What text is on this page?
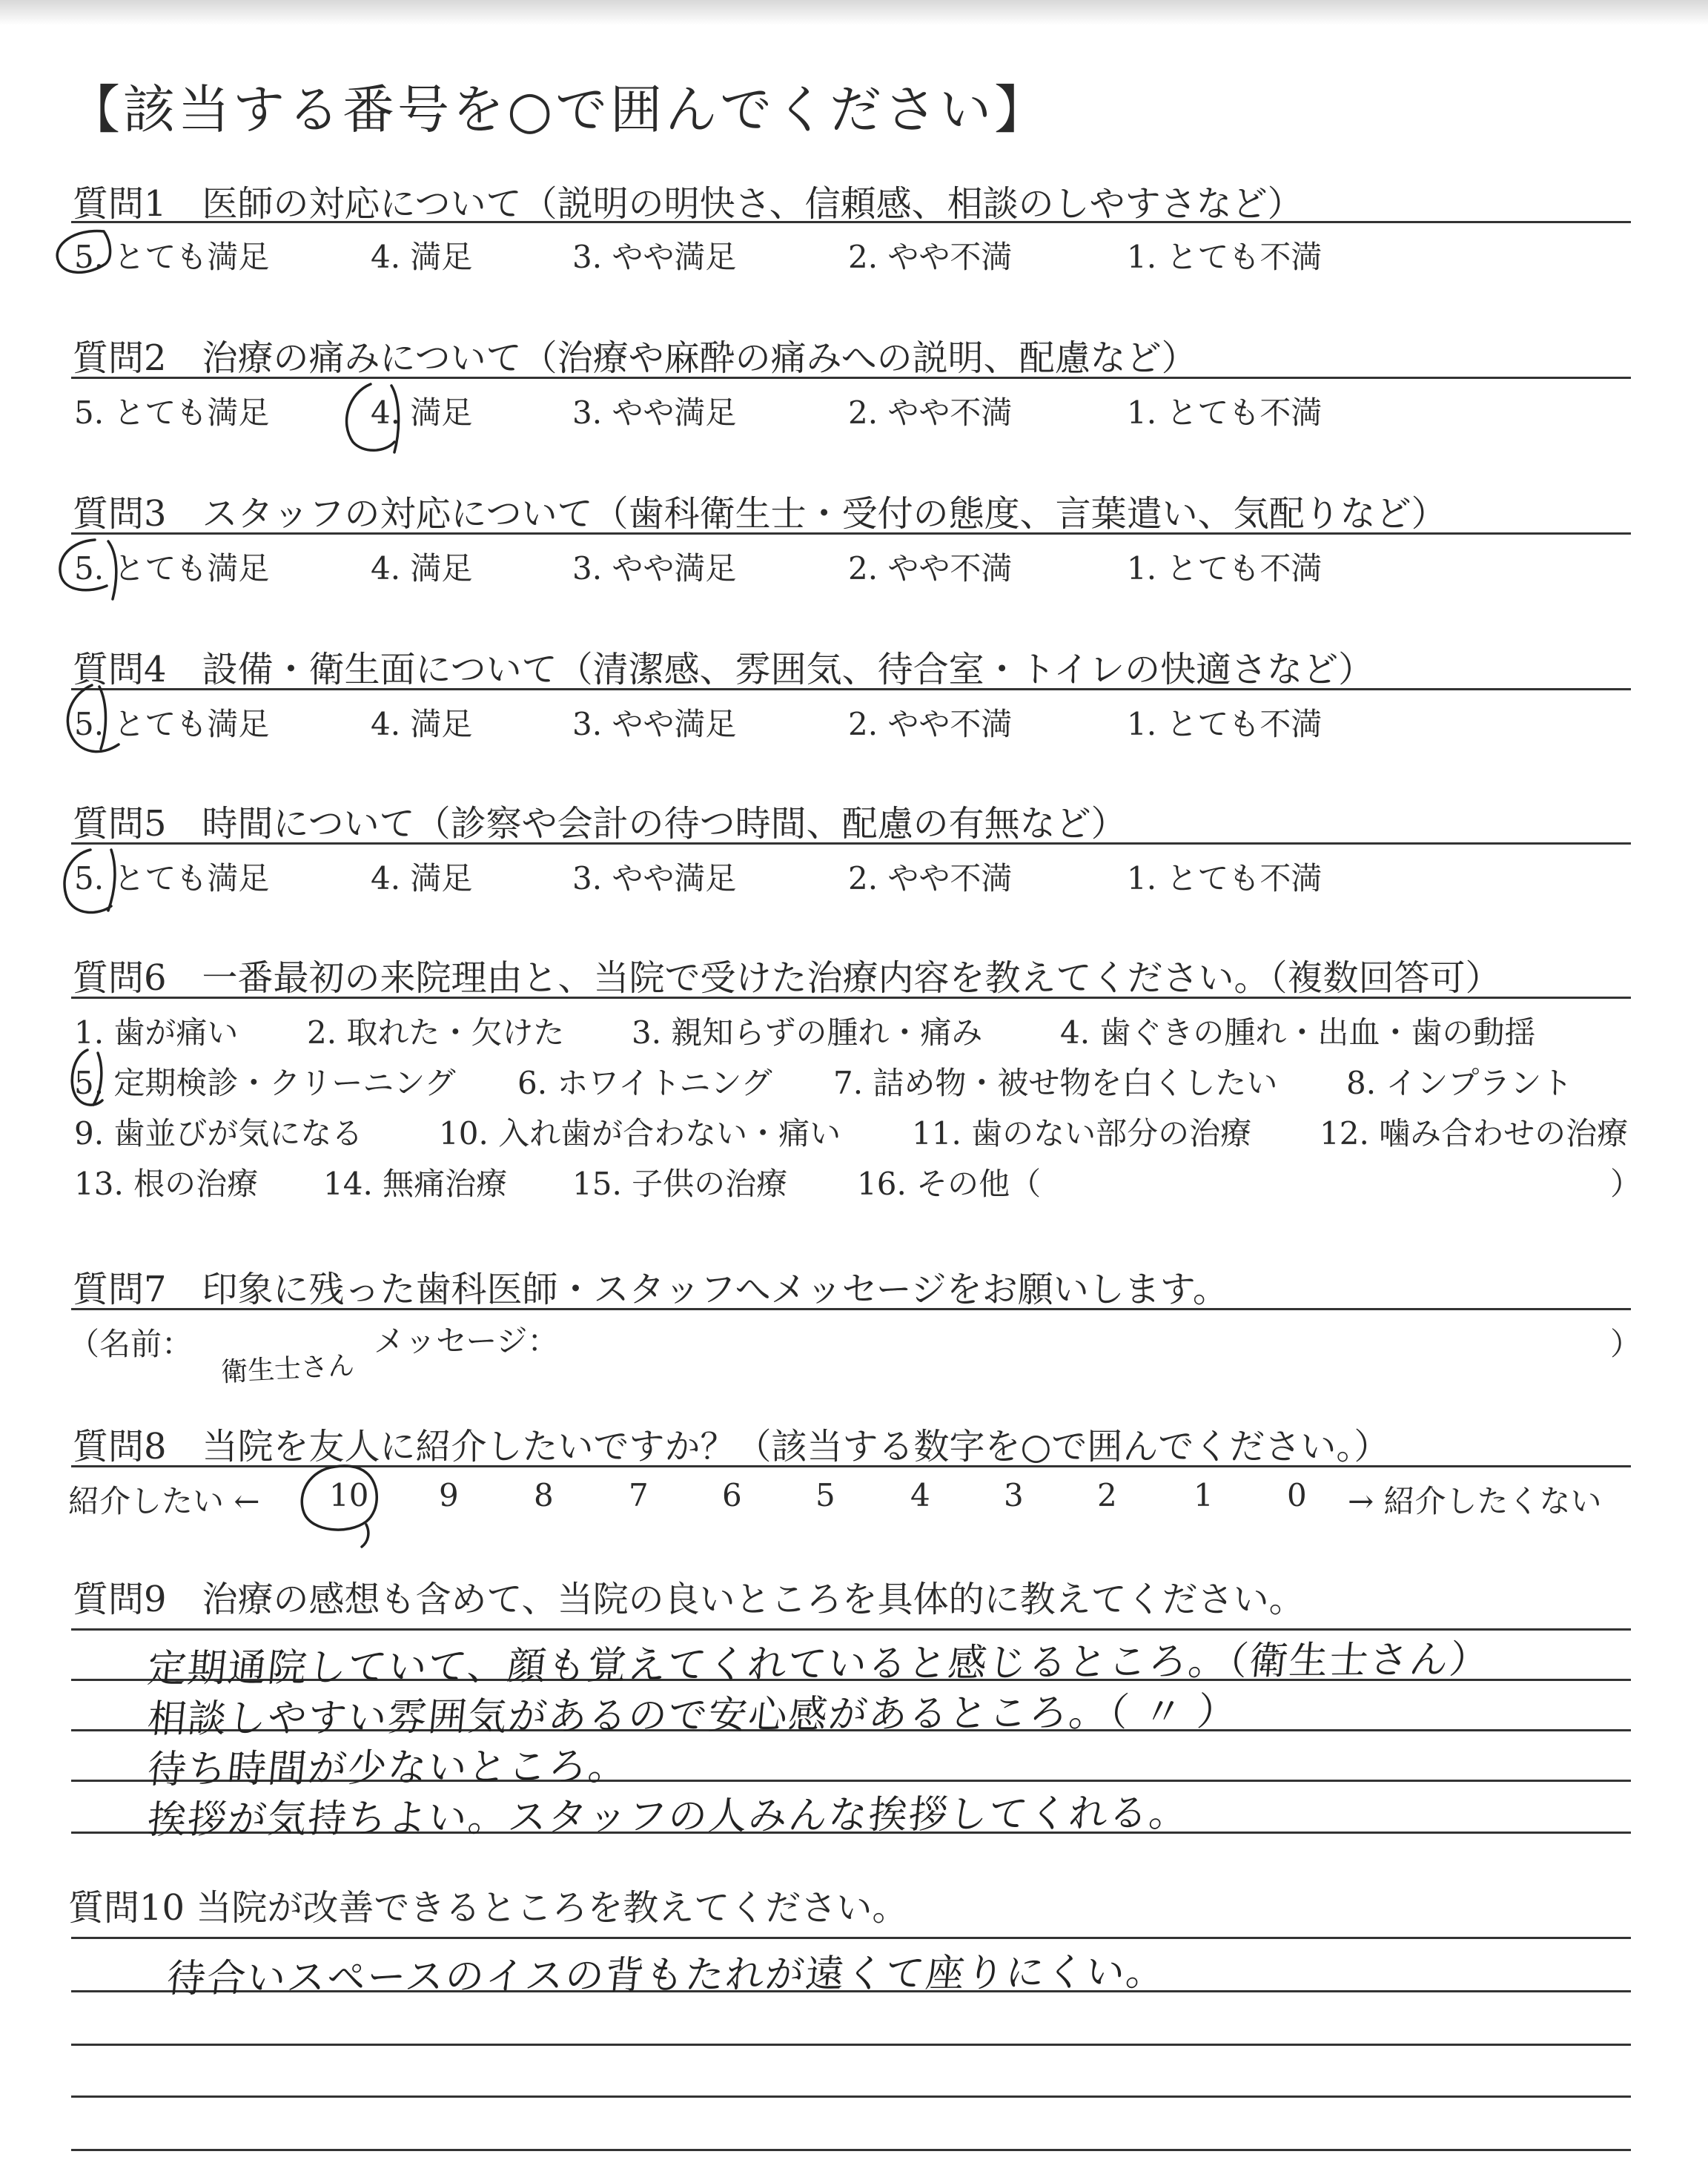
【該当する番号を○で囲んでください】
質問1　医師の対応について（説明の明快さ、信頼感、相談のしやすさなど）
5. とても満足	4. 満足	3. やや満足	2. やや不満	1. とても不満
質問2　治療の痛みについて（治療や麻酔の痛みへの説明、配慮など）
5. とても満足	4. 満足	3. やや満足	2. やや不満	1. とても不満
質問3　スタッフの対応について（歯科衛生士・受付の態度、言葉遣い、気配りなど）
5. とても満足	4. 満足	3. やや満足	2. やや不満	1. とても不満
質問4　設備・衛生面について（清潔感、雰囲気、待合室・トイレの快適さなど）
5. とても満足	4. 満足	3. やや満足	2. やや不満	1. とても不満
質問5　時間について（診察や会計の待つ時間、配慮の有無など）
5. とても満足	4. 満足	3. やや満足	2. やや不満	1. とても不満
質問6　一番最初の来院理由と、当院で受けた治療内容を教えてください。（複数回答可）
1. 歯が痛い 2. 取れた・欠けた 3. 親知らずの腫れ・痛み 4. 歯ぐきの腫れ・出血・歯の動揺
5. 定期検診・クリーニング 6. ホワイトニング 7. 詰め物・被せ物を白くしたい 8. インプラント
9. 歯並びが気になる 10. 入れ歯が合わない・痛い 11. 歯のない部分の治療 12. 噛み合わせの治療
13. 根の治療 14. 無痛治療 15. 子供の治療 16. その他（	）
質問7　印象に残った歯科医師・スタッフへメッセージをお願いします。
（名前：	メッセージ：	）
衛生士さん
質問8　当院を友人に紹介したいですか？（該当する数字を○で囲んでください。）
紹介したい ← 10 9 8 7 6 5 4 3 2 1 0 → 紹介したくない
質問9　治療の感想も含めて、当院の良いところを具体的に教えてください。
定期通院していて、顔も覚えてくれていると感じるところ。（衛生士さん）
相談しやすい雰囲気があるので安心感があるところ。（ 〃 ）
待ち時間が少ないところ。
挨拶が気持ちよい。スタッフの人みんな挨拶してくれる。
質問10 当院が改善できるところを教えてください。
待合いスペースのイスの背もたれが遠くて座りにくい。
